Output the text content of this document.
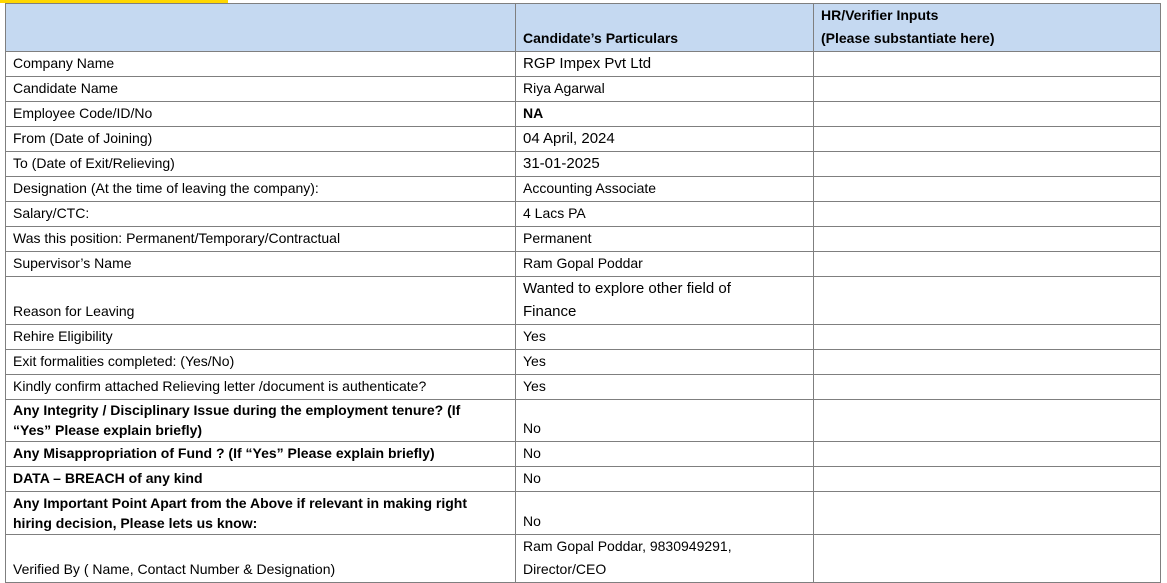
	Candidate’s Particulars	HR/Verifier Inputs
(Please substantiate here)

Company Name	RGP Impex Pvt Ltd	
Candidate Name	Riya Agarwal	
Employee Code/ID/No	NA	
From (Date of Joining)	04 April, 2024	
To (Date of Exit/Relieving)	31-01-2025	
Designation (At the time of leaving the company):	Accounting Associate	
Salary/CTC:	4 Lacs PA	
Was this position: Permanent/Temporary/Contractual	Permanent	
Supervisor’s Name	Ram Gopal Poddar	
Reason for Leaving	Wanted to explore other field of Finance	
Rehire Eligibility	Yes	
Exit formalities completed: (Yes/No)	Yes	
Kindly confirm attached Relieving letter /document is authenticate?	Yes	
Any Integrity / Disciplinary Issue during the employment tenure? (If “Yes” Please explain briefly)	No	
Any Misappropriation of Fund ? (If “Yes” Please explain briefly)	No	
DATA – BREACH of any kind	No	
Any Important Point Apart from the Above if relevant in making right hiring decision, Please lets us know:	No	
Verified By ( Name, Contact Number & Designation)	Ram Gopal Poddar, 9830949291, Director/CEO	
